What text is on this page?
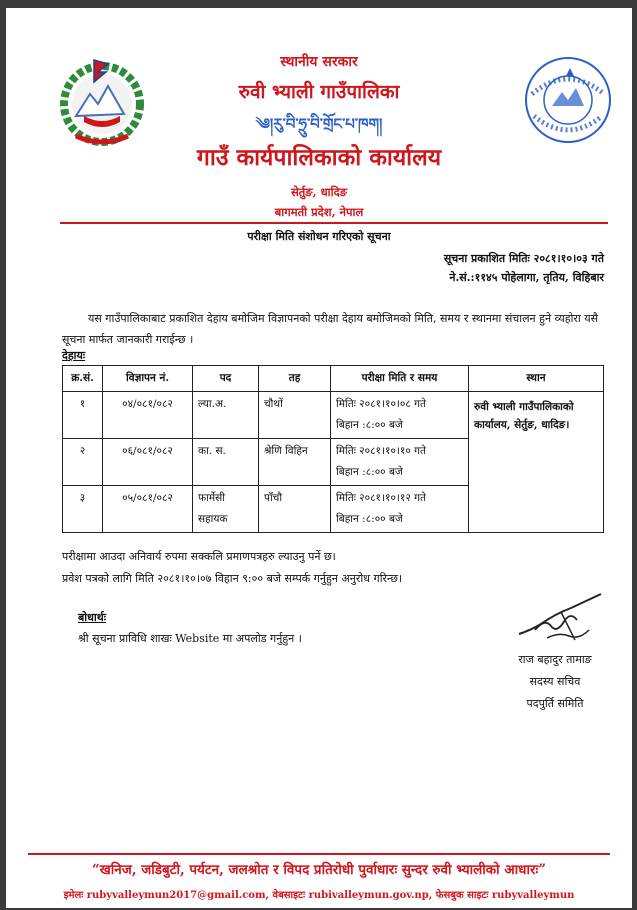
स्थानीय सरकार
रुवी भ्याली गाउँपालिका
༄།རུ་བི་ཧྲུ་བི་གྲོང་པ་ཁག།
गाउँ कार्यपालिकाको कार्यालय
सेर्तुङ, धादिङ
बागमती प्रदेश, नेपाल
परीक्षा मिति संशोधन गरिएको सूचना
सूचना प्रकाशित मितिः २०८१।१०।०३ गते
ने.सं.:११४५ पोहेलागा, तृतिय, विहिबार
यस गाउँपालिकाबाट प्रकाशित देहाय बमोजिम विज्ञापनको परीक्षा देहाय बमोजिमको मिति, समय र स्थानमा संचालन हुने व्यहोरा यसै सूचना मार्फत जानकारी गराईन्छ ।
देहायः
क्र.सं.	विज्ञापन नं.	पद	तह	परीक्षा मिति र समय	स्थान
१	०४/०८१/०८२	ल्या.अ.	चौथों	मितिः २०८१।१०।०८ गते
बिहान :८:०० बजे	रुवी भ्याली गाउँपालिकाको कार्यालय, सेर्तुङ, धादिङ।
२	०६/०८१/०८२	का. स.	श्रेणि विहिन	मितिः २०८१।१०।१० गते
बिहान :८:०० बजे	

३	०५/०८१/०८२	फार्मेसी सहायक	पाँचौ	मितिः २०८१।१०।१२ गते
बिहान :८:०० बजे	
परीक्षामा आउदा अनिवार्य रुपमा सक्कलि प्रमाणपत्रहरु ल्याउनु पर्ने छ।
प्रवेश पत्रको लागि मिति २०८१।१०।०७ विहान ९:०० बजे सम्पर्क गर्नुहुन अनुरोध गरिन्छ।
बोधार्थः
श्री सूचना प्राविधि शाखः Website मा अपलोड गर्नुहुन ।
राज बहादुर तामाङ
सदस्य सचिव
पदपुर्ति समिति
“खनिज, जडिबुटी, पर्यटन, जलश्रोत र विपद प्रतिरोधी पुर्वाधारः सुन्दर रुवी भ्यालीको आधारः”
इमेलः rubyvalleymun2017@gmail.com, वेबसाइटः rubivalleymun.gov.np, फेसबुक साइटः rubyvalleymun
